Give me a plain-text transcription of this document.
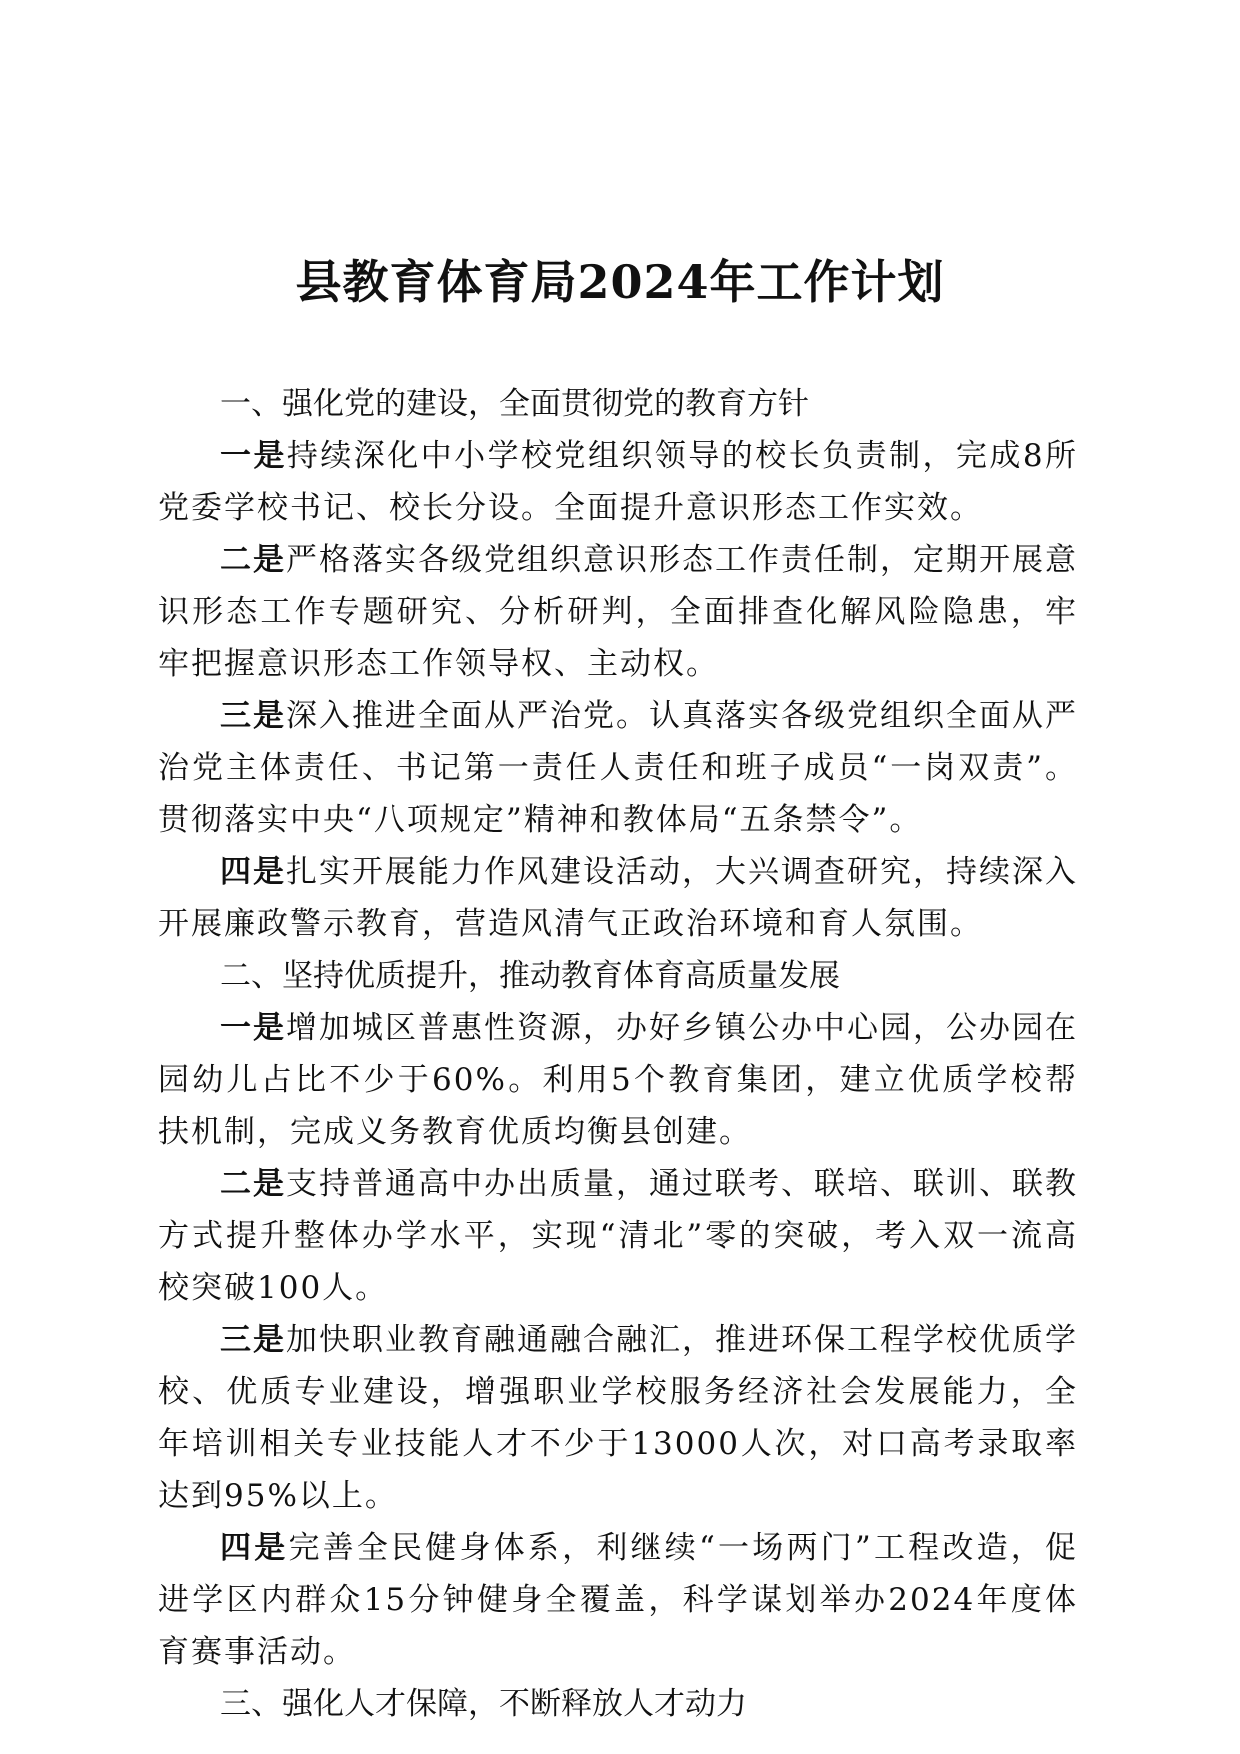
县教育体育局2024年工作计划
一、强化党的建设，全面贯彻党的教育方针

一是持续深化中小学校党组织领导的校长负责制，完成8所党委学校书记、校长分设。全面提升意识形态工作实效。

二是严格落实各级党组织意识形态工作责任制，定期开展意识形态工作专题研究、分析研判，全面排查化解风险隐患，牢牢把握意识形态工作领导权、主动权。

三是深入推进全面从严治党。认真落实各级党组织全面从严治党主体责任、书记第一责任人责任和班子成员“一岗双责”。贯彻落实中央“八项规定”精神和教体局“五条禁令”。

四是扎实开展能力作风建设活动，大兴调查研究，持续深入开展廉政警示教育，营造风清气正政治环境和育人氛围。

二、坚持优质提升，推动教育体育高质量发展

一是增加城区普惠性资源，办好乡镇公办中心园，公办园在园幼儿占比不少于60%。利用5个教育集团，建立优质学校帮扶机制，完成义务教育优质均衡县创建。

二是支持普通高中办出质量，通过联考、联培、联训、联教方式提升整体办学水平，实现“清北”零的突破，考入双一流高校突破100人。

三是加快职业教育融通融合融汇，推进环保工程学校优质学校、优质专业建设，增强职业学校服务经济社会发展能力，全年培训相关专业技能人才不少于13000人次，对口高考录取率达到95%以上。

四是完善全民健身体系，利继续“一场两门”工程改造，促进学区内群众15分钟健身全覆盖，科学谋划举办2024年度体育赛事活动。

三、强化人才保障，不断释放人才动力
